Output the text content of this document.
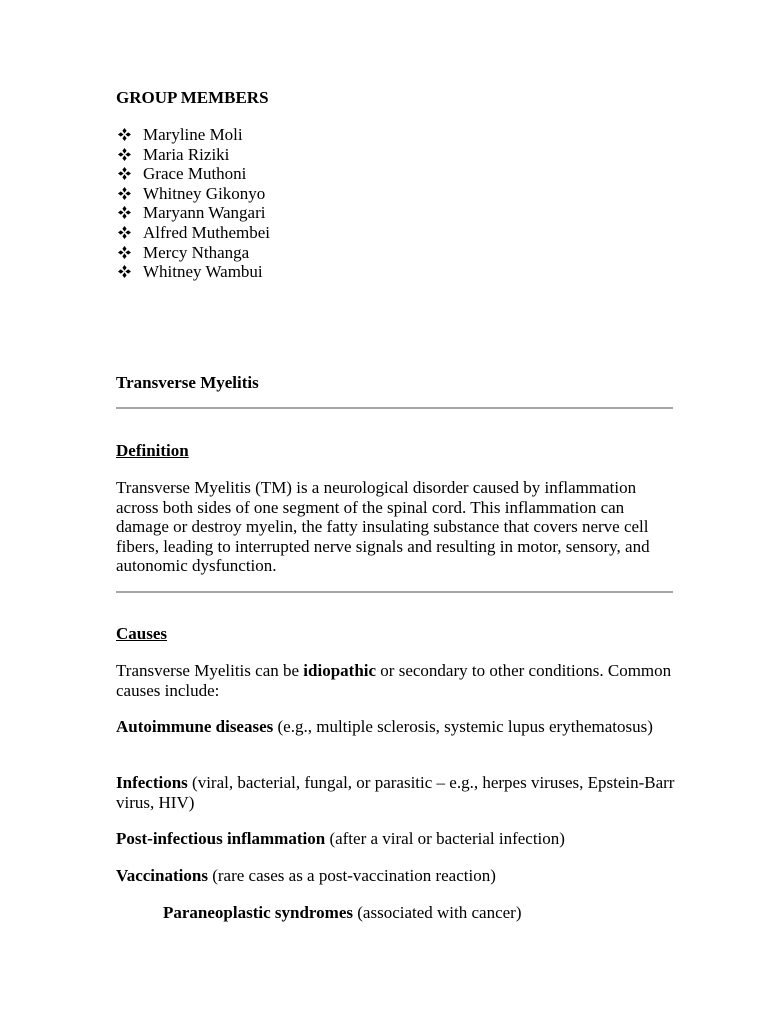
GROUP MEMBERS
Maryline Moli
Maria Riziki
Grace Muthoni
Whitney Gikonyo
Maryann Wangari
Alfred Muthembei
Mercy Nthanga
Whitney Wambui
Transverse Myelitis
Definition

Transverse Myelitis (TM) is a neurological disorder caused by inflammation across both sides of one segment of the spinal cord. This inflammation can damage or destroy myelin, the fatty insulating substance that covers nerve cell fibers, leading to interrupted nerve signals and resulting in motor, sensory, and autonomic dysfunction.

Causes

Transverse Myelitis can be idiopathic or secondary to other conditions. Common causes include:

Autoimmune diseases (e.g., multiple sclerosis, systemic lupus erythematosus)

Infections (viral, bacterial, fungal, or parasitic – e.g., herpes viruses, Epstein-Barr virus, HIV)

Post-infectious inflammation (after a viral or bacterial infection)

Vaccinations (rare cases as a post-vaccination reaction)

Paraneoplastic syndromes (associated with cancer)
